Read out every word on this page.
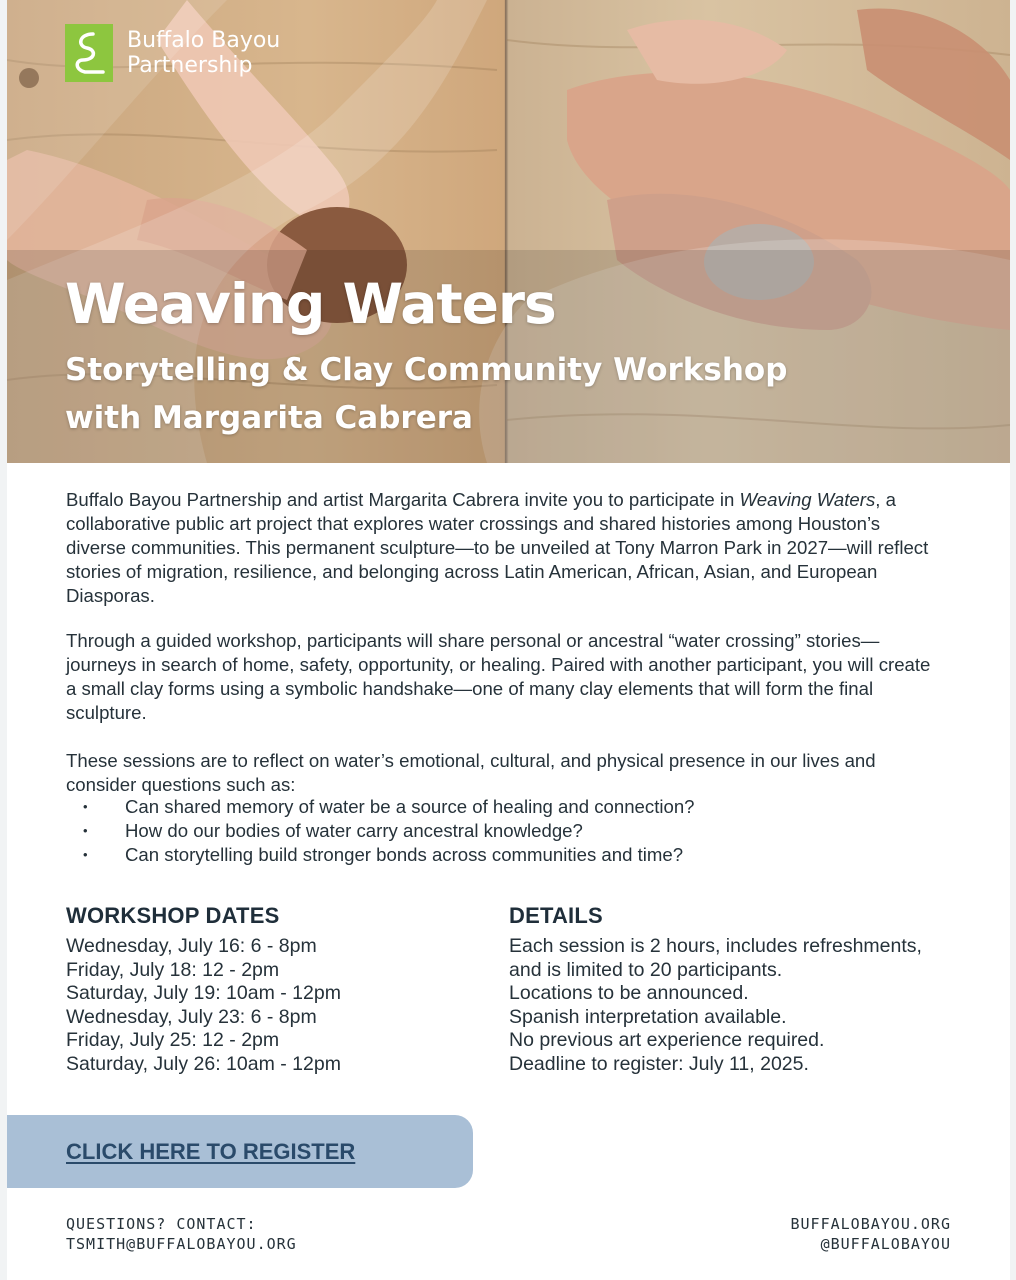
Buffalo Bayou
Partnership
Weaving Waters
Storytelling & Clay Community Workshop
with Margarita Cabrera

Buffalo Bayou Partnership and artist Margarita Cabrera invite you to participate in Weaving Waters, a collaborative public art project that explores water crossings and shared histories among Houston’s diverse communities. This permanent sculpture—to be unveiled at Tony Marron Park in 2027—will reflect stories of migration, resilience, and belonging across Latin American, African, Asian, and European Diasporas.

Through a guided workshop, participants will share personal or ancestral “water crossing” stories—journeys in search of home, safety, opportunity, or healing. Paired with another participant, you will create a small clay forms using a symbolic handshake—one of many clay elements that will form the final sculpture.

These sessions are to reflect on water’s emotional, cultural, and physical presence in our lives and consider questions such as:

• Can shared memory of water be a source of healing and connection?
• How do our bodies of water carry ancestral knowledge?
• Can storytelling build stronger bonds across communities and time?
WORKSHOP DATES
Wednesday, July 16: 6 - 8pm
Friday, July 18: 12 - 2pm
Saturday, July 19: 10am - 12pm
Wednesday, July 23: 6 - 8pm
Friday, July 25: 12 - 2pm
Saturday, July 26: 10am - 12pm
DETAILS
Each session is 2 hours, includes refreshments,
and is limited to 20 participants.
Locations to be announced.
Spanish interpretation available.
No previous art experience required.
Deadline to register: July 11, 2025.
CLICK HERE TO REGISTER
QUESTIONS? CONTACT:
TSMITH@BUFFALOBAYOU.ORG
BUFFALOBAYOU.ORG
@BUFFALOBAYOU
